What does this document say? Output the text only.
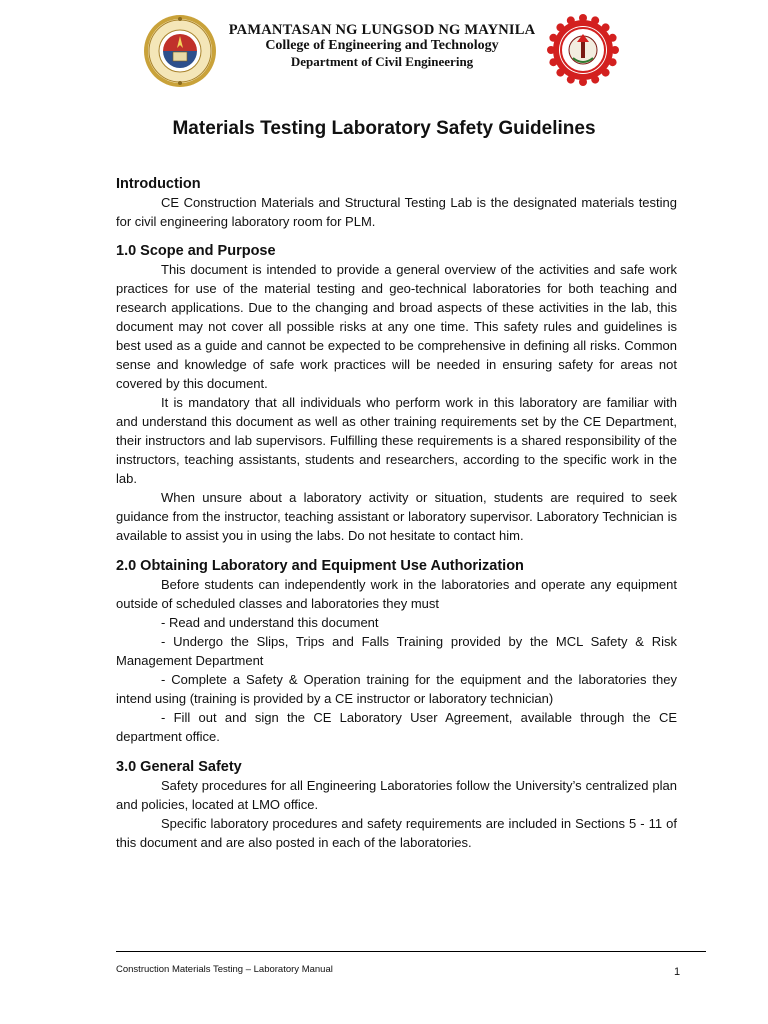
PAMANTASAN NG LUNGSOD NG MAYNILA
College of Engineering and Technology
Department of Civil Engineering
Materials Testing Laboratory Safety Guidelines
Introduction

CE Construction Materials and Structural Testing Lab is the designated materials testing for civil engineering laboratory room for PLM.

1.0 Scope and Purpose

This document is intended to provide a general overview of the activities and safe work practices for use of the material testing and geo-technical laboratories for both teaching and research applications. Due to the changing and broad aspects of these activities in the lab, this document may not cover all possible risks at any one time. This safety rules and guidelines is best used as a guide and cannot be expected to be comprehensive in defining all risks. Common sense and knowledge of safe work practices will be needed in ensuring safety for areas not covered by this document.

It is mandatory that all individuals who perform work in this laboratory are familiar with and understand this document as well as other training requirements set by the CE Department, their instructors and lab supervisors. Fulfilling these requirements is a shared responsibility of the instructors, teaching assistants, students and researchers, according to the specific work in the lab.

When unsure about a laboratory activity or situation, students are required to seek guidance from the instructor, teaching assistant or laboratory supervisor. Laboratory Technician is available to assist you in using the labs. Do not hesitate to contact him.

2.0 Obtaining Laboratory and Equipment Use Authorization

Before students can independently work in the laboratories and operate any equipment outside of scheduled classes and laboratories they must

- Read and understand this document

- Undergo the Slips, Trips and Falls Training provided by the MCL Safety & Risk Management Department

- Complete a Safety & Operation training for the equipment and the laboratories they intend using (training is provided by a CE instructor or laboratory technician)

- Fill out and sign the CE Laboratory User Agreement, available through the CE department office.

3.0 General Safety

Safety procedures for all Engineering Laboratories follow the University’s centralized plan and policies, located at LMO office.

Specific laboratory procedures and safety requirements are included in Sections 5 - 11 of this document and are also posted in each of the laboratories.

Construction Materials Testing – Laboratory Manual	1
